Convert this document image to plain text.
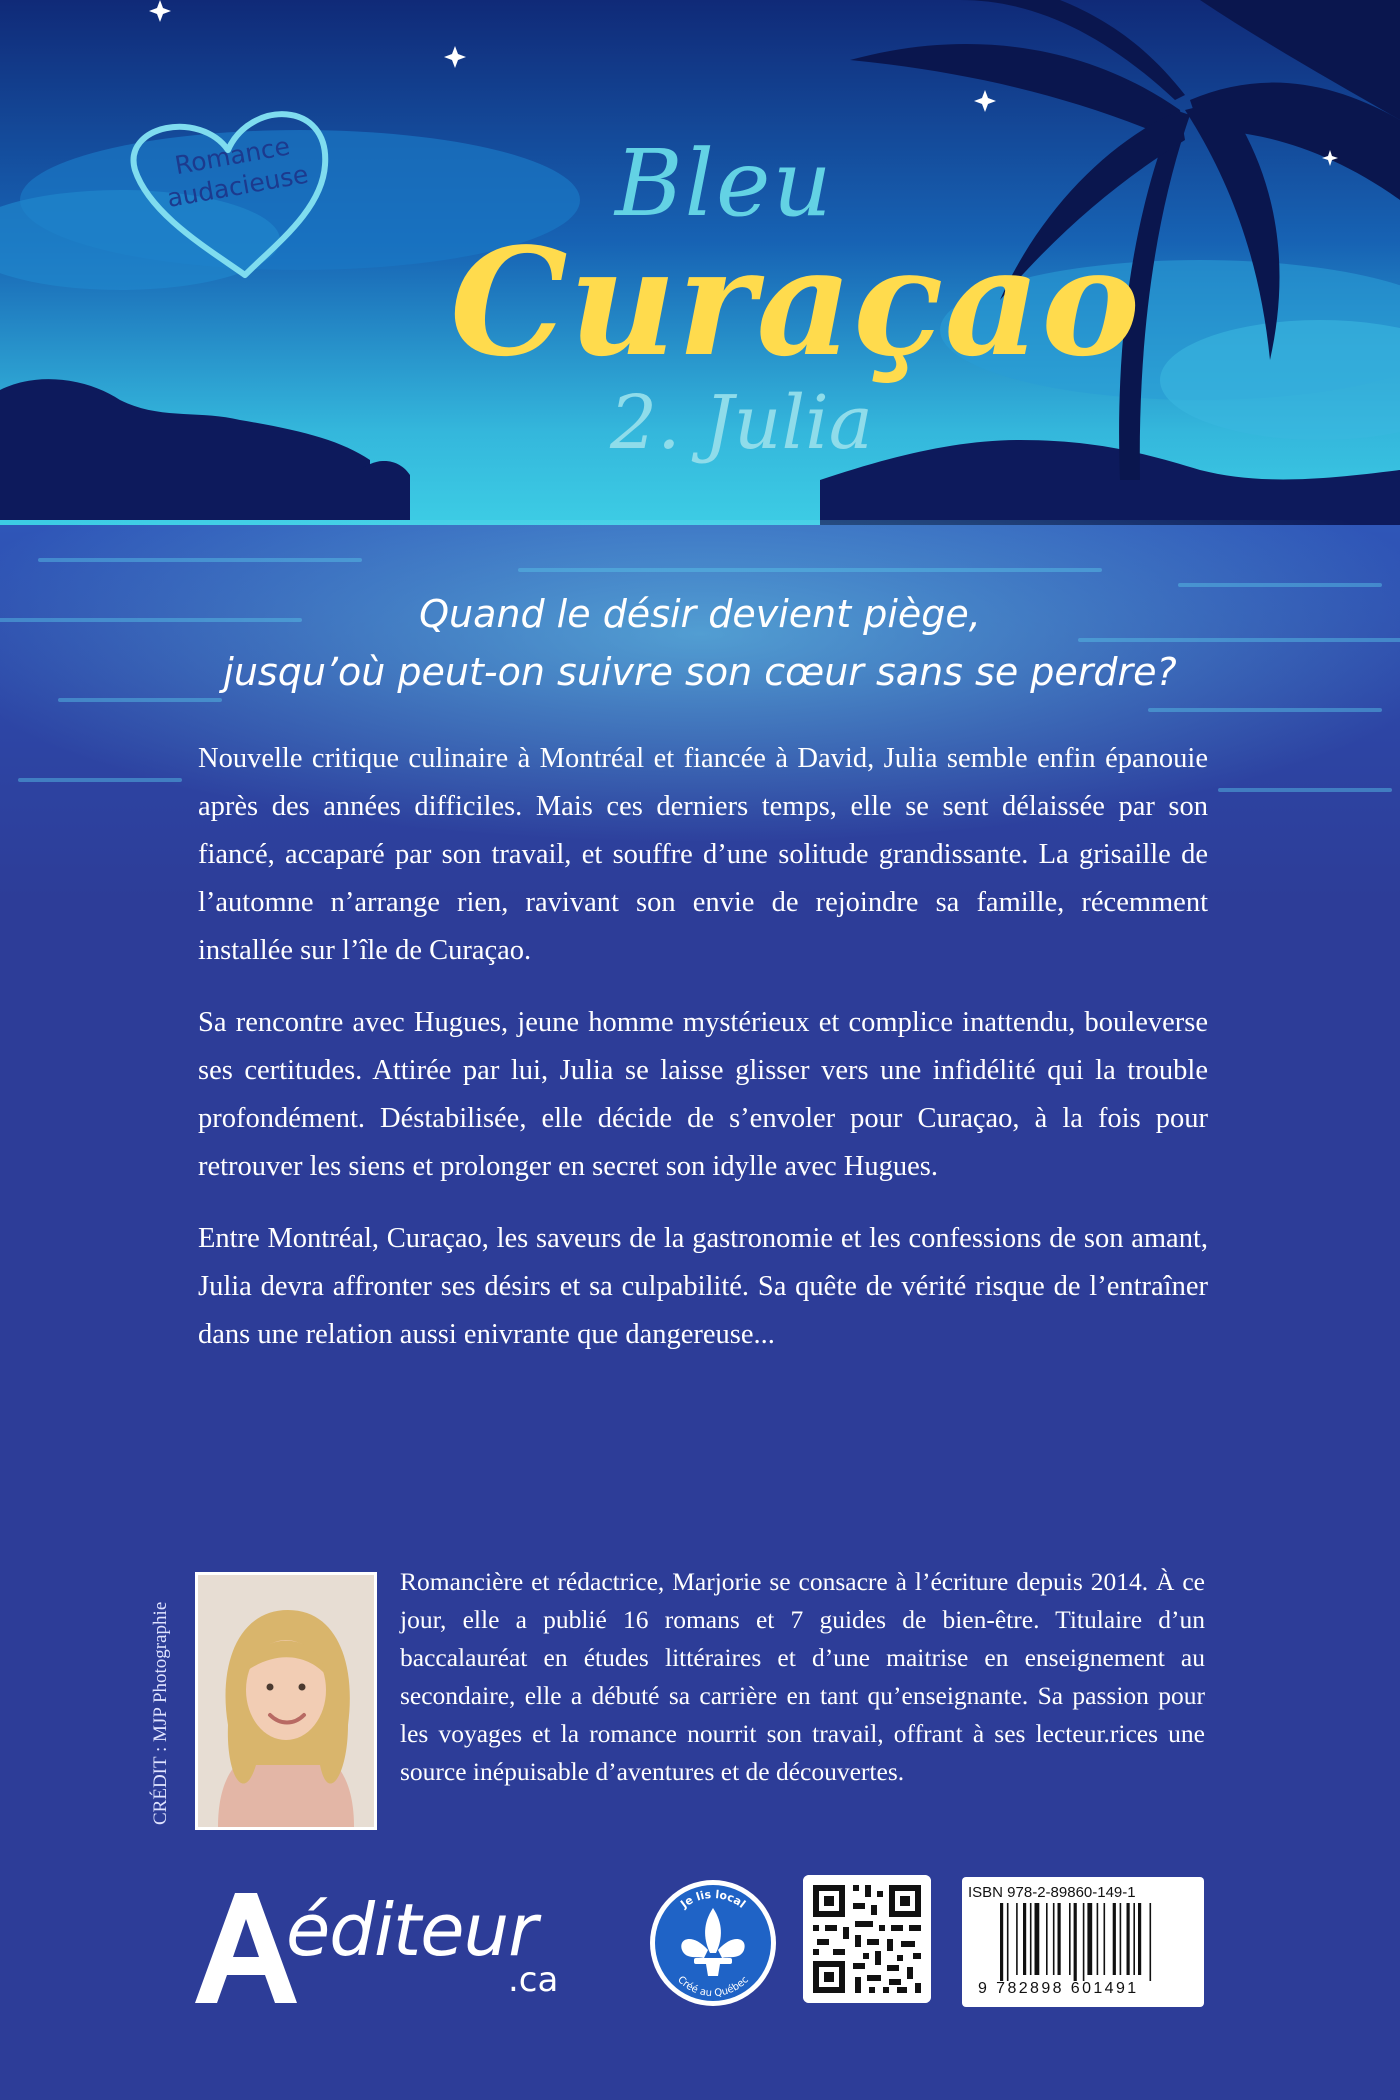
Romance audacieuse	Bleu
Curaçao
2. Julia
Quand le désir devient piège,
jusqu’où peut-on suivre son cœur sans se perdre?

Nouvelle critique culinaire à Montréal et fiancée à David, Julia semble enfin épanouie après des années difficiles. Mais ces derniers temps, elle se sent délaissée par son fiancé, accaparé par son travail, et souffre d’une solitude grandissante. La grisaille de l’automne n’arrange rien, ravivant son envie de rejoindre sa famille, récemment installée sur l’île de Curaçao.

Sa rencontre avec Hugues, jeune homme mystérieux et complice inattendu, bouleverse ses certitudes. Attirée par lui, Julia se laisse glisser vers une infidélité qui la trouble profondément. Déstabilisée, elle décide de s’envoler pour Curaçao, à la fois pour retrouver les siens et prolonger en secret son idylle avec Hugues.

Entre Montréal, Curaçao, les saveurs de la gastronomie et les confessions de son amant, Julia devra affronter ses désirs et sa culpabilité. Sa quête de vérité risque de l’entraîner dans une relation aussi enivrante que dangereuse...

CRÉDIT : MJP Photographie

Romancière et rédactrice, Marjorie se consacre à l’écriture depuis 2014. À ce jour, elle a publié 16 romans et 7 guides de bien-être. Titulaire d’un baccalauréat en études littéraires et d’une maitrise en enseignement au secondaire, elle a débuté sa carrière en tant qu’enseignante. Sa passion pour les voyages et la romance nourrit son travail, offrant à ses lecteur.rices une source inépuisable d’aventures et de découvertes.

éditeur
.ca
Je lis local
Créé au Québec
ISBN 978-2-89860-149-1
9 782898 601491
